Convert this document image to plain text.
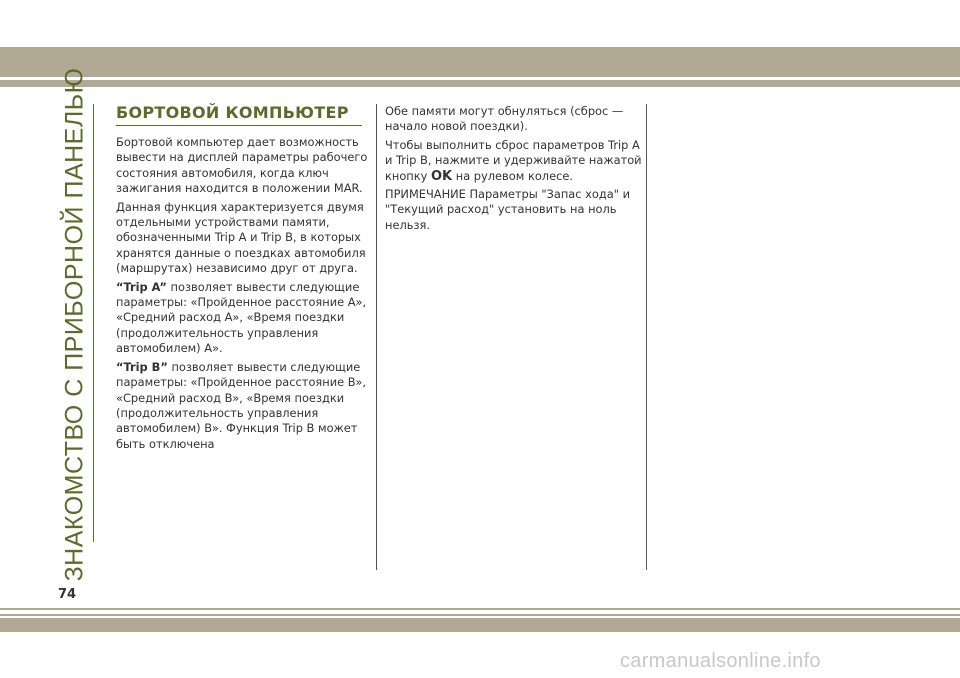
ЗНАКОМСТВО С ПРИБОРНОЙ ПАНЕЛЬЮ БОРТОВОЙ КОМПЬЮТЕР

Бортовой компьютер дает возможность вывести на дисплей параметры рабочего состояния автомобиля, когда ключ зажигания находится в положении MAR.

Данная функция характеризуется двумя отдельными устройствами памяти, обозначенными Trip A и Trip B, в которых хранятся данные о поездках автомобиля (маршрутах) независимо друг от друга.

“Trip A” позволяет вывести следующие параметры: «Пройденное расстояние A», «Средний расход A», «Время поездки (продолжительность управления автомобилем) A».

“Trip B” позволяет вывести следующие параметры: «Пройденное расстояние B», «Средний расход B», «Время поездки (продолжительность управления автомобилем) B». Функция Trip B может быть отключена

Обе памяти могут обнуляться (сброс — начало новой поездки).

Чтобы выполнить сброс параметров Trip A и Trip B, нажмите и удерживайте нажатой кнопку OK на рулевом колесе.

ПРИМЕЧАНИЕ Параметры "Запас хода" и "Текущий расход" установить на ноль нельзя.

74
carmanualsonline.info
